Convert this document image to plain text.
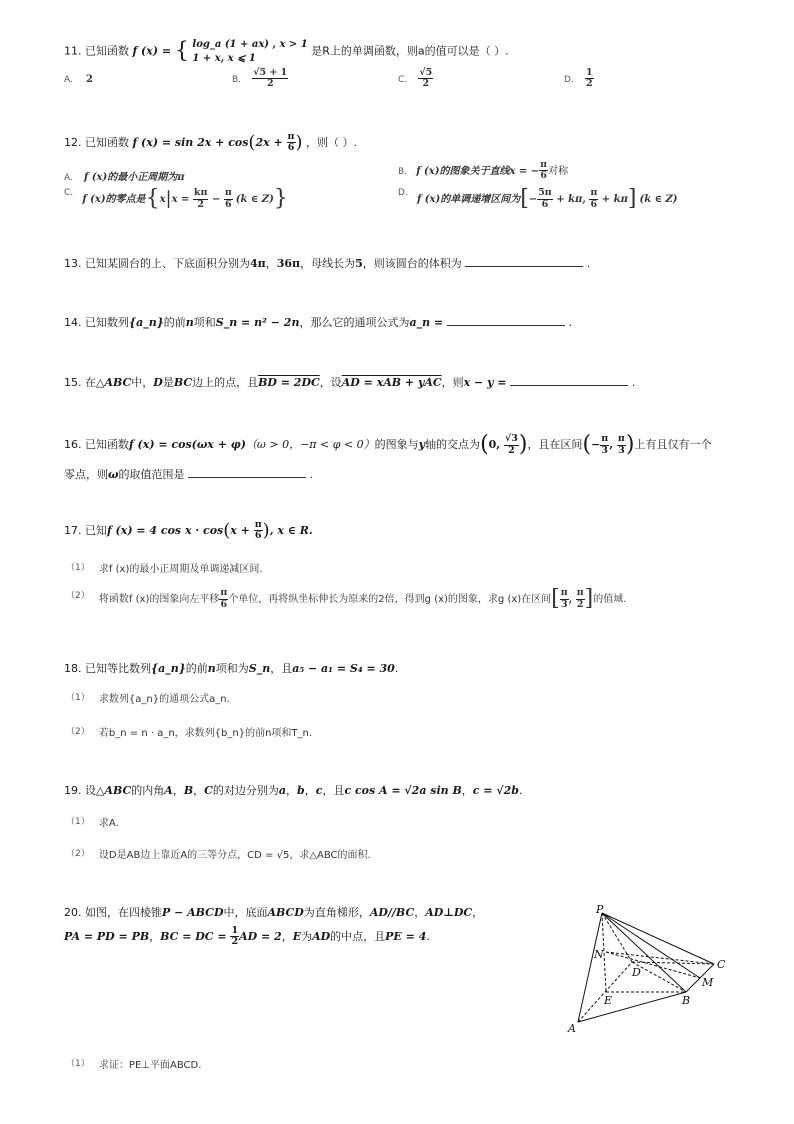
11. 已知函数 f (x) = { log_a (1 + ax) , x > 1
1 + x, x ⩽ 1
是R上的单调函数，则a的值可以是（ ）.
A. 2	B. $\frac{√5 + 1}{2}$	C. $\frac{√5}{2}$	D. $\frac{1}{2}$
12. 已知函数 f $(x) = \sin 2x + \cos(2x + \frac{\pi}{6}$ ) ，则（ ）.
A. f (x)的最小正周期为π
B. f (x)的图象关于直线x = − $\frac{\pi}{6}$ 对称
C. f (x)的零点是{$x|x = \frac{k\pi}{2} - \frac{\pi}{6} (k$ ∈ Z)}	D. f (x)的单调递增区间为[− $\frac{5\pi}{6} + k\pi$, $\frac{\pi}{6} + k\pi$] (k ∈ Z)
13. 已知某圆台的上、下底面积分别为4π，36π，母线长为5，则该圆台的体积为	.
14. 已知数列{a_n}的前n项和S_n = n² − 2n，那么它的通项公式为a_n =	.
15. 在△ABC中，D是BC边上的点，且BD = 2DC，设AD = xAB + yAC，则x − y =	.
16. 已知函数f (x) = cos(ωx + φ)（ω > 0，−π < φ < 0）的图象与y轴的交点为(0, $\frac{√3}{2}$ )，且在区间(− $\frac{\pi}{3}$ , $\frac{\pi}{3}$ )上有且仅有一个
零点，则ω的取值范围是	.
17. 已知f (x) = 4 $\cos x \cdot \cos(x + \frac{\pi}{6}$ ), x ∈ R.
（1） 求f (x)的最小正周期及单调递减区间.
（2） 将函数f (x)的图象向左平移 $\frac{\pi}{6}$ 个单位，再将纵坐标伸长为原来的2倍，得到g (x)的图象，求g (x)在区间[ $\frac{\pi}{3}$ , $\frac{\pi}{2}$ ]的值域.
18. 已知等比数列{a_n}的前n项和为S_n，且a₅ − a₁ = S₄ = 30.
（1） 求数列{a_n}的通项公式a_n.
（2） 若b_n = n · a_n，求数列{b_n}的前n项和T_n.
19. 设△ABC的内角A，B，C的对边分别为a，b，c，且c cos A = √2a sin B，c = √2b.
（1） 求A.
（2） 设D是AB边上靠近A的三等分点，CD = √5，求△ABC的面积.
20. 如图，在四棱锥P − ABCD中，底面ABCD为直角梯形，AD//BC，AD⊥DC，
PA = PD = PB，BC = DC = $\frac{1}{2}$ AD = 2，E为AD的中点，且PE = 4.
P
N
D
C
M
E	B
A
（1） 求证：PE⊥平面ABCD.
